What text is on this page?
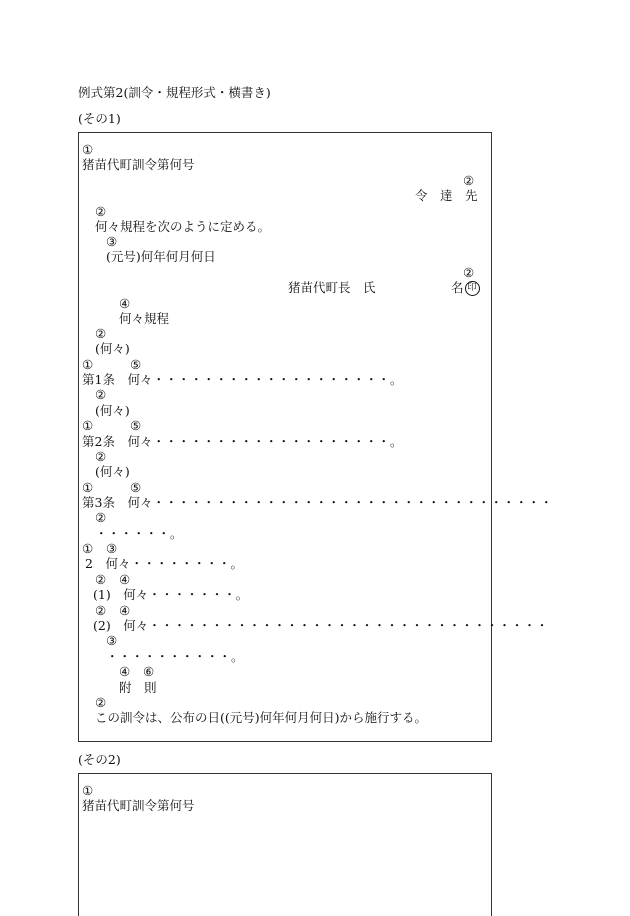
例式第2(訓令・規程形式・横書き)
(その1)
①
猪苗代町訓令第何号
②
令　達　先
②
何々規程を次のように定める。
③
(元号)何年何月何日
②
猪苗代町長　氏	名 印
④
何々規程
②
(何々)
①	⑤
第1条　何々・・・・・・・・・・・・・・・・・・・。
②
(何々)
①	⑤
第2条　何々・・・・・・・・・・・・・・・・・・・。
②
(何々)
①	⑤
第3条　何々・・・・・・・・・・・・・・・・・・・・・・・・・・・・・・・・
②
・・・・・・。
① ③
2　何々・・・・・・・・。
② ④
(1)　何々・・・・・・・。
② ④
(2)　何々・・・・・・・・・・・・・・・・・・・・・・・・・・・・・・・・
③
・・・・・・・・・・。
④ ⑥
附　則
②
この訓令は、公布の日((元号)何年何月何日)から施行する。
(その2)
①
猪苗代町訓令第何号
